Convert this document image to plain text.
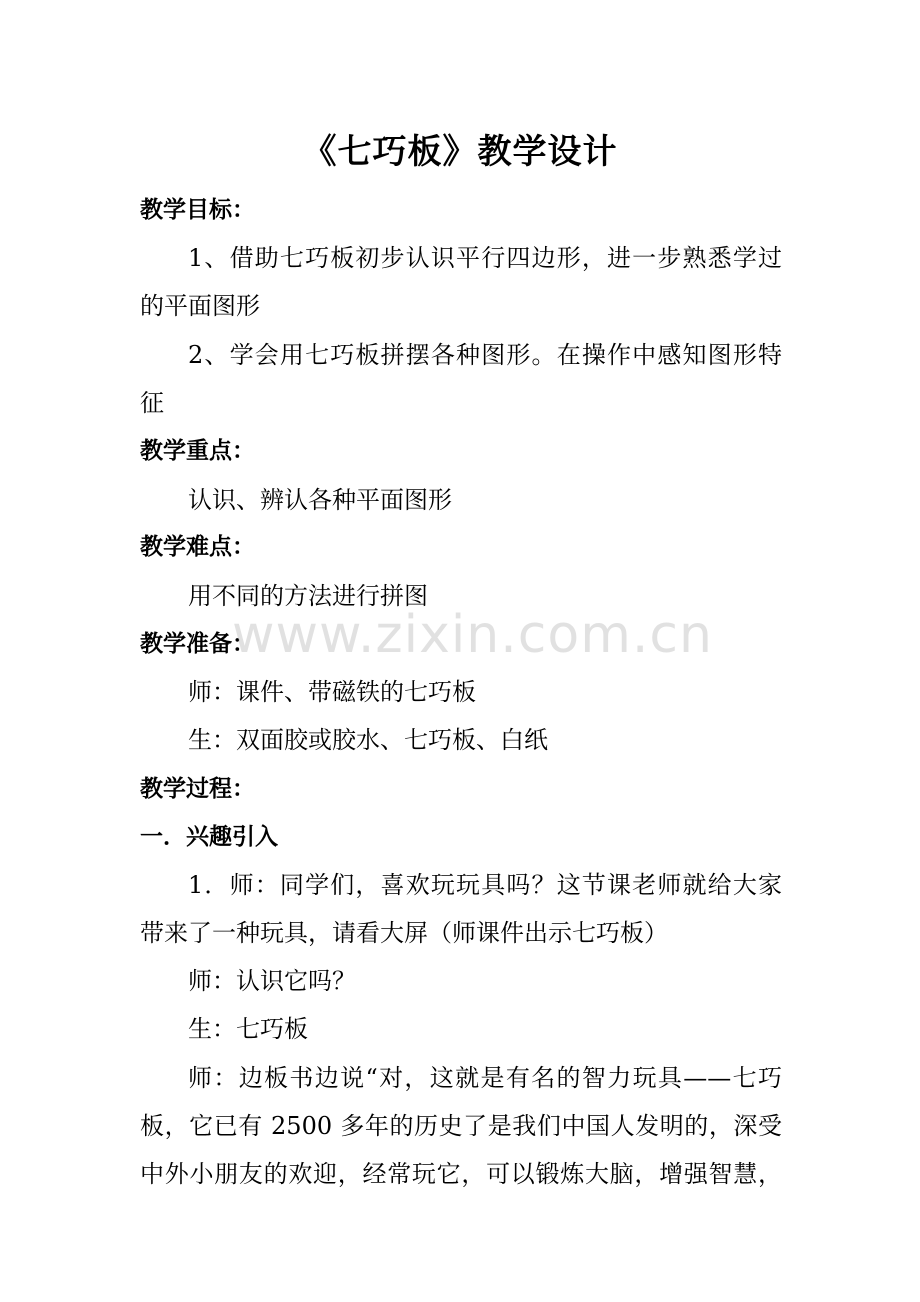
《七巧板》教学设计
教学目标：
1、借助七巧板初步认识平行四边形，进一步熟悉学过
的平面图形
2、学会用七巧板拼摆各种图形。在操作中感知图形特
征
教学重点：
认识、辨认各种平面图形
教学难点：
用不同的方法进行拼图
教学准备：
师：课件、带磁铁的七巧板
生：双面胶或胶水、七巧板、白纸
教学过程：
一．兴趣引入
1．师：同学们，喜欢玩玩具吗？这节课老师就给大家
带来了一种玩具，请看大屏（师课件出示七巧板）
师：认识它吗？
生：七巧板
师：边板书边说“对，这就是有名的智力玩具——七巧
板，它已有 2500 多年的历史了是我们中国人发明的，深受
中外小朋友的欢迎，经常玩它，可以锻炼大脑，增强智慧，
www.zixin.com.cn
